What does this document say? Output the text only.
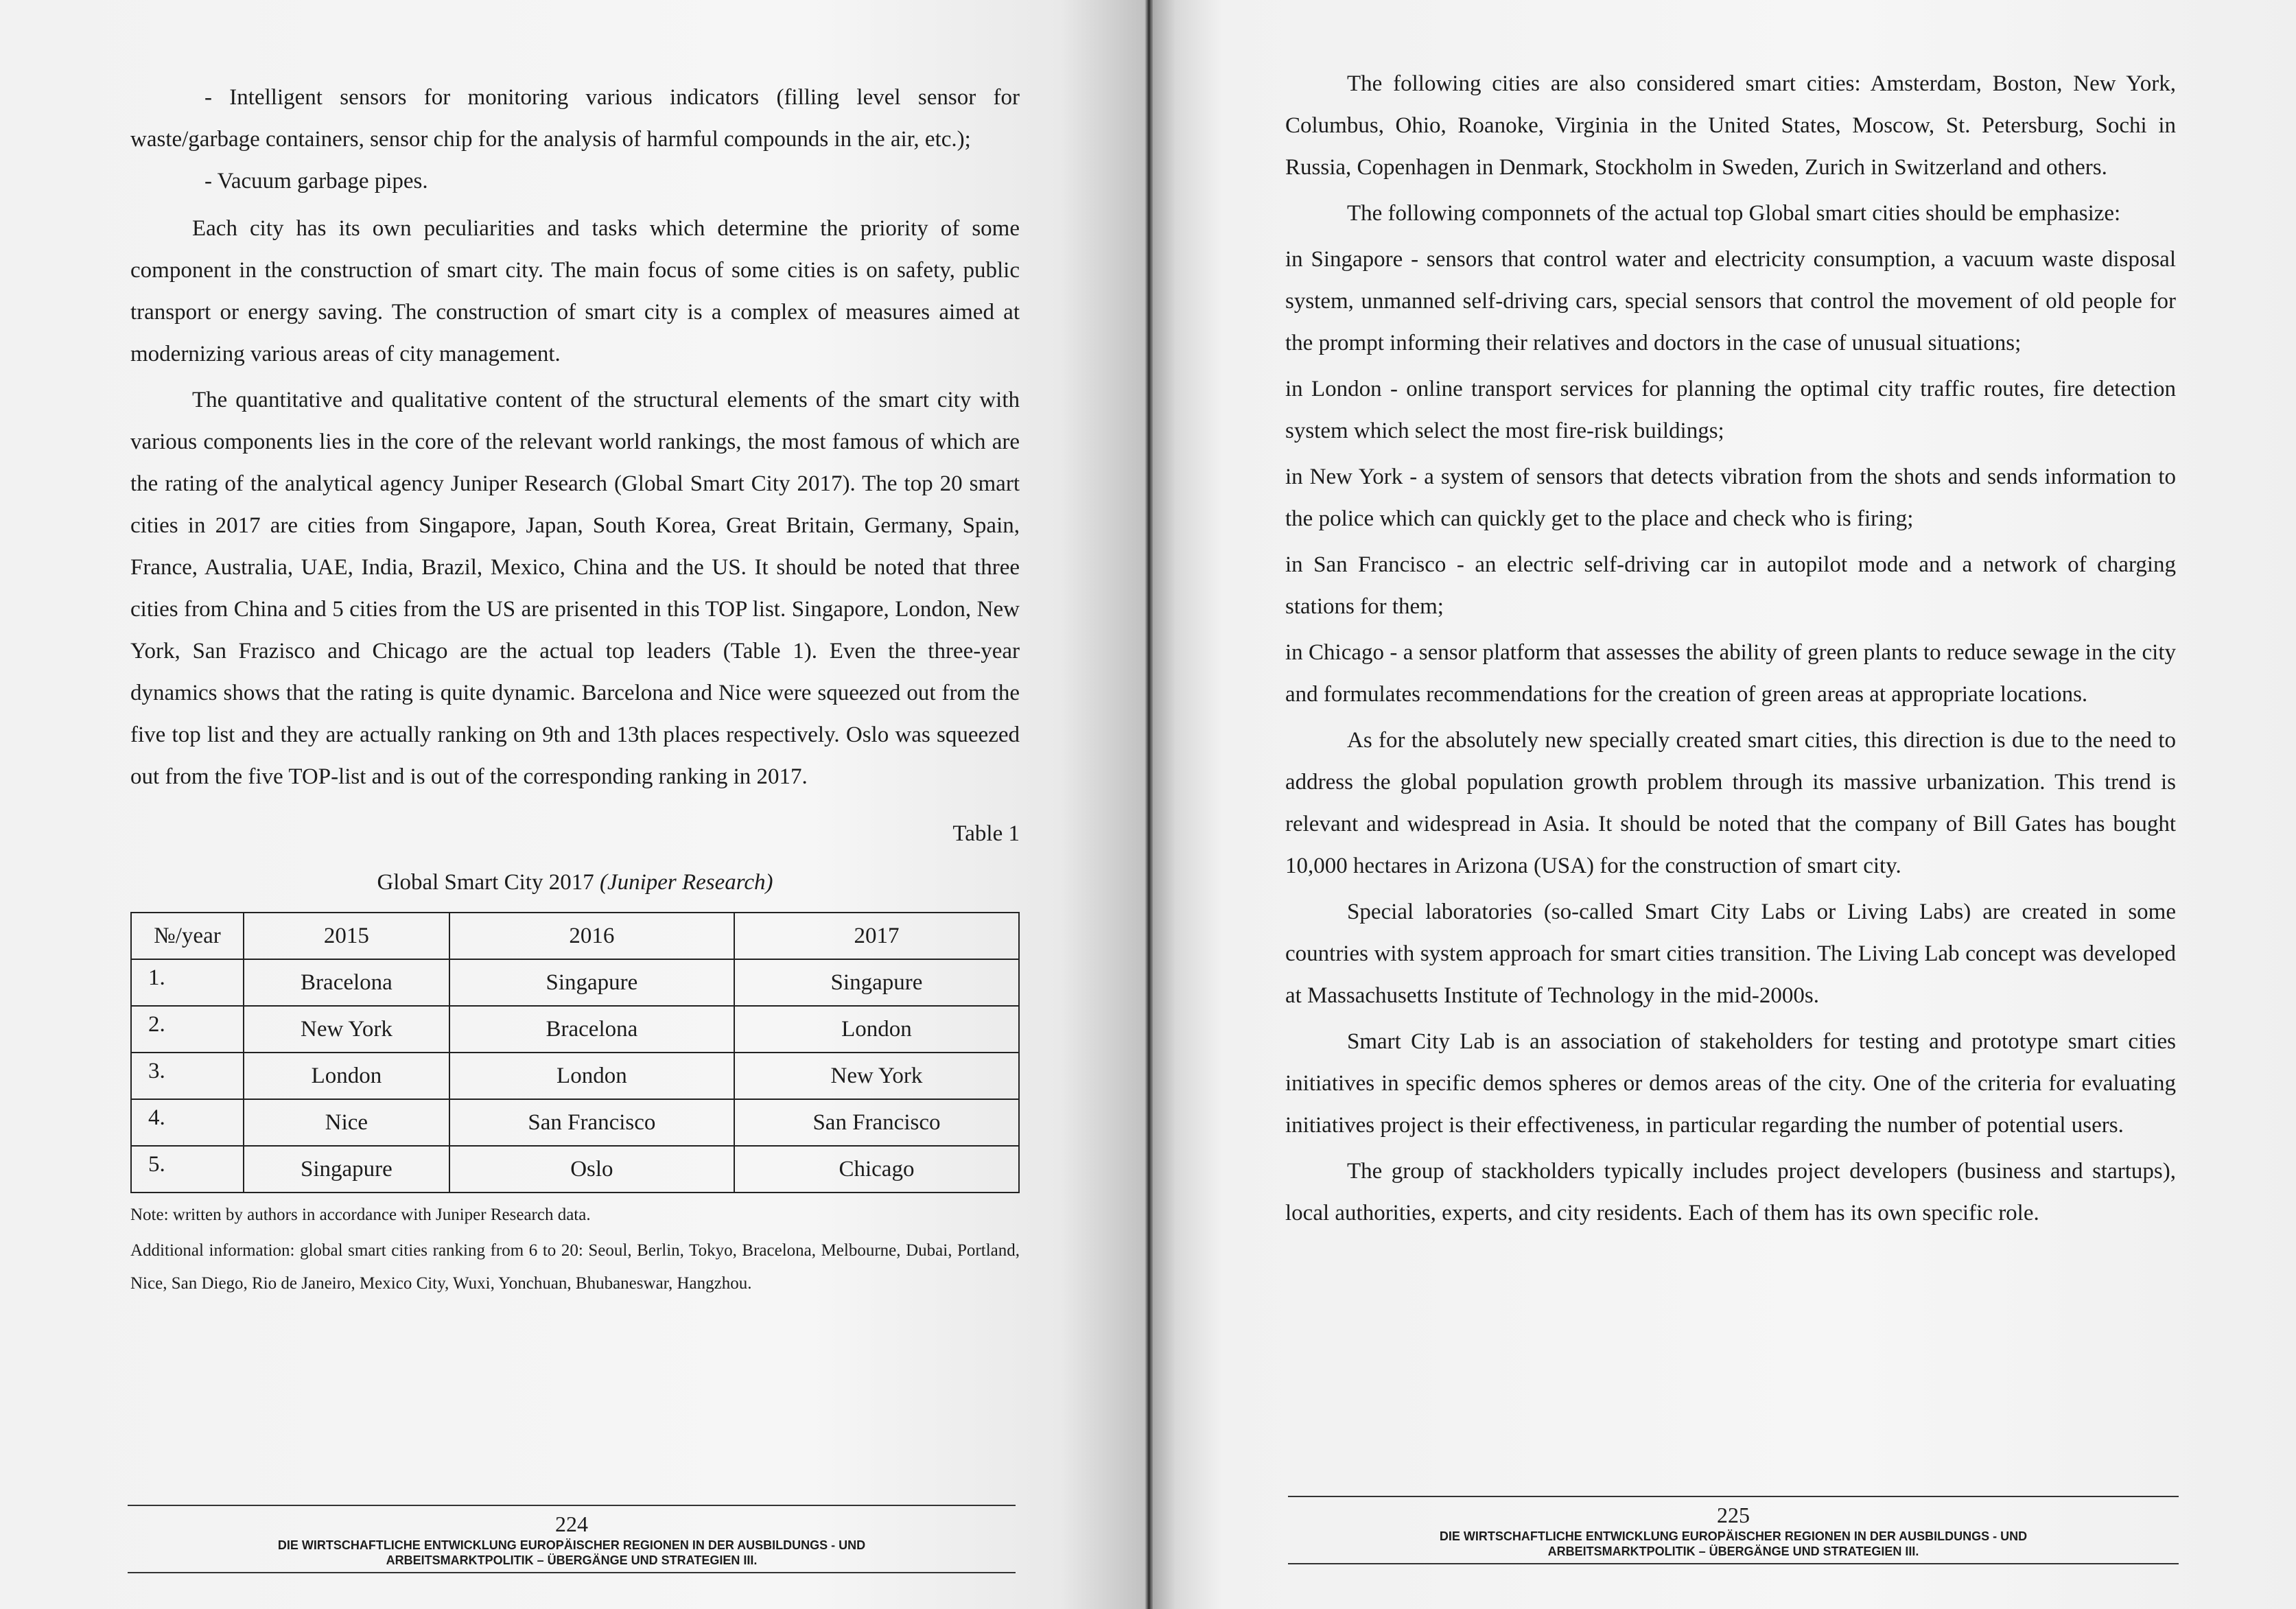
- Intelligent sensors for monitoring various indicators (filling level sensor for waste/garbage containers, sensor chip for the analysis of harmful compounds in the air, etc.);

- Vacuum garbage pipes.

Each city has its own peculiarities and tasks which determine the priority of some component in the construction of smart city. The main focus of some cities is on safety, public transport or energy saving. The construction of smart city is a complex of measures aimed at modernizing various areas of city management.

The quantitative and qualitative content of the structural elements of the smart city with various components lies in the core of the relevant world rankings, the most famous of which are the rating of the analytical agency Juniper Research (Global Smart City 2017). The top 20 smart cities in 2017 are cities from Singapore, Japan, South Korea, Great Britain, Germany, Spain, France, Australia, UAE, India, Brazil, Mexico, China and the US. It should be noted that three cities from China and 5 cities from the US are prisented in this TOP list. Singapore, London, New York, San Frazisco and Chicago are the actual top leaders (Table 1). Even the three-year dynamics shows that the rating is quite dynamic. Barcelona and Nice were squeezed out from the five top list and they are actually ranking on 9th and 13th places respectively. Oslo was squeezed out from the five TOP-list and is out of the corresponding ranking in 2017.

Table 1

Global Smart City 2017 (Juniper Research)

№/year	2015	2016	2017
1.	Bracelona	Singapure	Singapure
2.	New York	Bracelona	London
3.	London	London	New York
4.	Nice	San Francisco	San Francisco
5.	Singapure	Oslo	Chicago

Note: written by authors in accordance with Juniper Research data.

Additional information: global smart cities ranking from 6 to 20: Seoul, Berlin, Tokyo, Bracelona, Melbourne, Dubai, Portland, Nice, San Diego, Rio de Janeiro, Mexico City, Wuxi, Yonchuan, Bhubaneswar, Hangzhou.

224
DIE WIRTSCHAFTLICHE ENTWICKLUNG EUROPÄISCHER REGIONEN IN DER AUSBILDUNGS - UND
ARBEITSMARKTPOLITIK – ÜBERGÄNGE UND STRATEGIEN III.

The following cities are also considered smart cities: Amsterdam, Boston, New York, Columbus, Ohio, Roanoke, Virginia in the United States, Moscow, St. Petersburg, Sochi in Russia, Copenhagen in Denmark, Stockholm in Sweden, Zurich in Switzerland and others.

The following componnets of the actual top Global smart cities should be emphasize:

in Singapore - sensors that control water and electricity consumption, a vacuum waste disposal system, unmanned self-driving cars, special sensors that control the movement of old people for the prompt informing their relatives and doctors in the case of unusual situations;

in London - online transport services for planning the optimal city traffic routes, fire detection system which select the most fire-risk buildings;

in New York - a system of sensors that detects vibration from the shots and sends information to the police which can quickly get to the place and check who is firing;

in San Francisco - an electric self-driving car in autopilot mode and a network of charging stations for them;

in Chicago - a sensor platform that assesses the ability of green plants to reduce sewage in the city and formulates recommendations for the creation of green areas at appropriate locations.

As for the absolutely new specially created smart cities, this direction is due to the need to address the global population growth problem through its massive urbanization. This trend is relevant and widespread in Asia. It should be noted that the company of Bill Gates has bought 10,000 hectares in Arizona (USA) for the construction of smart city.

Special laboratories (so-called Smart City Labs or Living Labs) are created in some countries with system approach for smart cities transition. The Living Lab concept was developed at Massachusetts Institute of Technology in the mid-2000s.

Smart City Lab is an association of stakeholders for testing and prototype smart cities initiatives in specific demos spheres or demos areas of the city. One of the criteria for evaluating initiatives project is their effectiveness, in particular regarding the number of potential users.

The group of stackholders typically includes project developers (business and startups), local authorities, experts, and city residents. Each of them has its own specific role.

225
DIE WIRTSCHAFTLICHE ENTWICKLUNG EUROPÄISCHER REGIONEN IN DER AUSBILDUNGS - UND
ARBEITSMARKTPOLITIK – ÜBERGÄNGE UND STRATEGIEN III.
